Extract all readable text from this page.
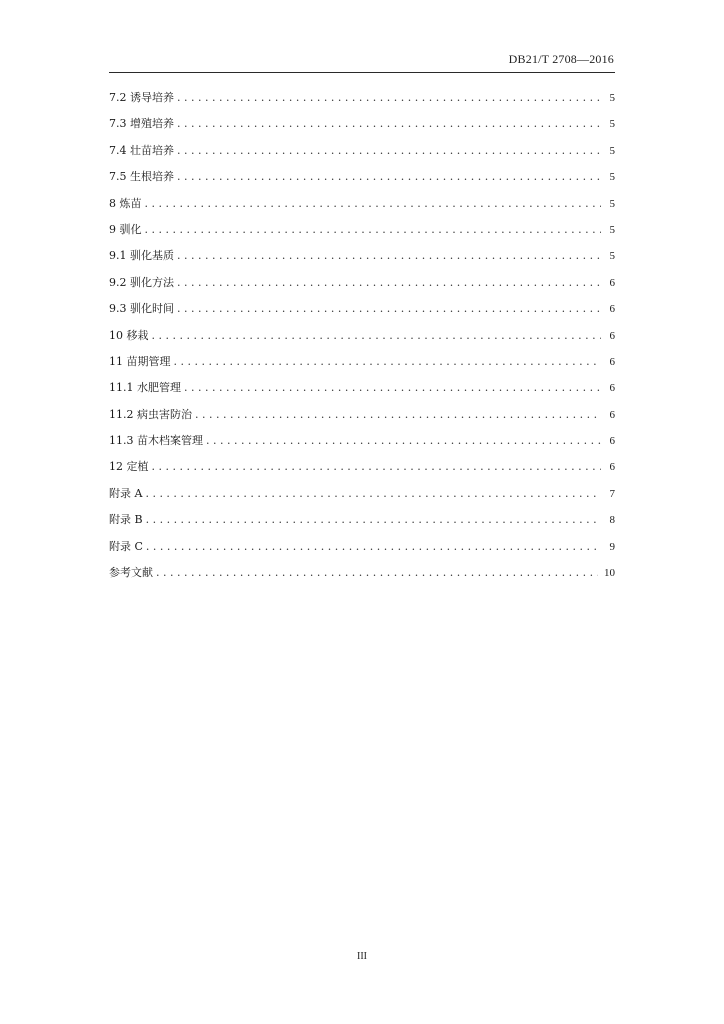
DB21/T 2708—2016
7.2 诱导培养 . . .	5
7.3 增殖培养 . . .	5
7.4 壮苗培养 . . .	5
7.5 生根培养 . . .	5
8 炼苗 . . .	5
9 驯化 . . .	5
9.1 驯化基质 . . .	5
9.2 驯化方法 . . .	6
9.3 驯化时间 . . .	6
10 移栽 . . .	6
11 苗期管理 . . .	6
11.1 水肥管理 . . .	6
11.2 病虫害防治 . . .	6
11.3 苗木档案管理 . . .	6
12 定植 . . .	6
附录 A . . .	7
附录 B . . .	8
附录 C . . .	9
参考文献 . . .	10
III
